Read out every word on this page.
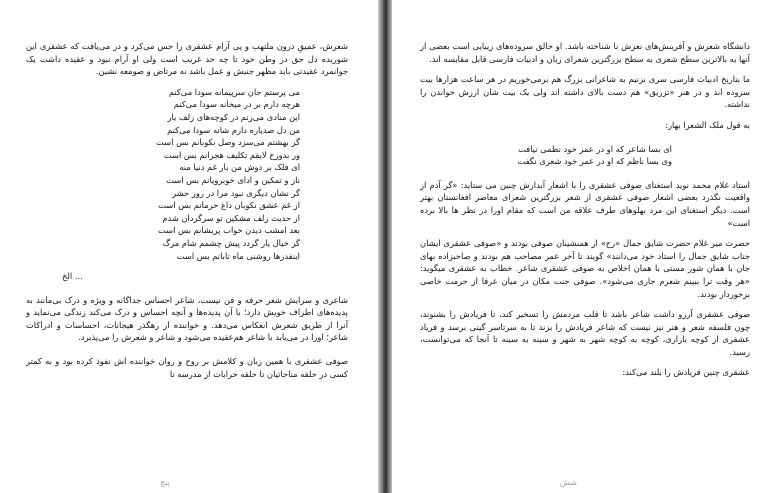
شعرش، عمیقِ درون ملتهب و پی آرام عشقری را حس می‌کرد و در می‌یافت که عشقری این شوریده دل حق در وطن خود تا چه حد غریب است ولی او آرام نبود و عقیده داشت یک جوانمرد عقیدتی باید مظهر جنبش و عمل باشد نه مرتاض و صومعه نشین.

می پرستم جان سرپیمانه سودا می‌کنم
هرچه دارم بر در میخانه سودا می‌کنم
این منادی می‌زنم در کوچه‌های زلف یار
من دل صدپاره دارم شانه سودا می‌کنم
گر بهشتم می‌سزد وصل نکوبانم بس است
ور بدوزخ لایقم تکلیف هجرانم بس است
ای فلک بر دوش من بار غم دنیا منه
ناز و تمکین و ادای خوبرویانم بس است
گر نشان دیگری نبود مرا در روز حشر
از غم عشق نکوبان داغ حرمانم بس است
از حدیث زلف مشکین تو سرگردان شدم
بعد امشب دیدن خواب پریشانم بس است
گر خیال یار گردد پیش چشمم شام مرگ
اینقدرها روشنی ماه تابانم بس است

... الخ

شاعری و سرایش شعر حرفه و فن نیست، شاعر احساس جداگانه و ویژه و درک بی‌مانند به پدیده‌های اطراف خویش دارد؛ با آن پدیده‌ها و آنچه احساس و درک می‌کند زندگی می‌نماید و آنرا از طریق شعرش انعکاس می‌دهد. و خواننده از رهگذر هیجانات، احساسات و ادراکات شاعر؛ اورا در می‌یابد با شاعر هم‌عقیده می‌شود و شاعر و شعرش را می‌پذیرد.

صوفی عشقری با همین زبان و کلامش بر روح و روان خواننده اش نفوذ کرده بود و به کمتر کسی در حلقه مناجاتیان تا حلقه خرابات از مدرسه تا

پنج

دانشگاه شعرش و آفرینش‌های نغزش نا شناخته باشد. او خالق سروده‌های زیبایی است بعضی از آنها به بالاترین سطح شعری به سطح بزرگترین شعرای زبان و ادبیات فارسی قابل مقایسه اند.

ما بتاریخ ادبیات فارسی سری بزنیم به شاعرانی بزرگ هم برمی‌خوریم در هر ساعت هزارها بیت سروده اند و در هنر «تزریق» هم دست بالای داشته اند ولی یک بیت شان ارزش خواندن را نداشته.

به قول ملک الشعرا بهار:

ای بسا شاعر که او در عمر خود نظمی نیافت
وی بسا ناظم که او در عمر خود شعری نگفت

استاد غلام محمد نوید استغنای صوفی عشقری را با اشعار آبدارش چنین می ستاید: «گر آدم از واقعیت نگذرد بعضی اشعار صوفی عشقری از شعر بزرگترین شعرای معاصر افغانستان بهتر است. دیگر استغنای این مرد بهلوهای طرف علاقه من است که مقام اورا در نظر ها بالا برده است»

حضرت میر غلام حضرت شایق جمال «رح» از همنشینان صوفی بودند و «صوفی عشقری ایشان جناب شایق جمال را استاد خود می‌دانند» گویند تا آخر عمر مصاحب هم بودند و صاحبزاده بهای جان با همان شور مستی با همان اخلاص به صوفی عشقری شاعر. خطاب به عشقری میگوید: «هر وقت ترا ببینم شعرم جاری می‌شود». صوفی جنت مکان در میان عرفا از حرمت خاصی برخوردار بودند.

صوفی عشقری آرزو داشت شاعر باشد تا قلب مردمش را تسخیر کند، تا فریادش را بشنوند، چون فلسفه شعر و هنر نیز نیست که شاعر فریادش را بزند تا به سرتاسر گیتی برسد و فریاد عشقری از کوچه بازاری، کوچه به کوچه شهر به شهر و سینه به سینه تا آنجا که می‌توانست، رسید.

عشقری چنین فریادش را بلند می‌کند:

شش
